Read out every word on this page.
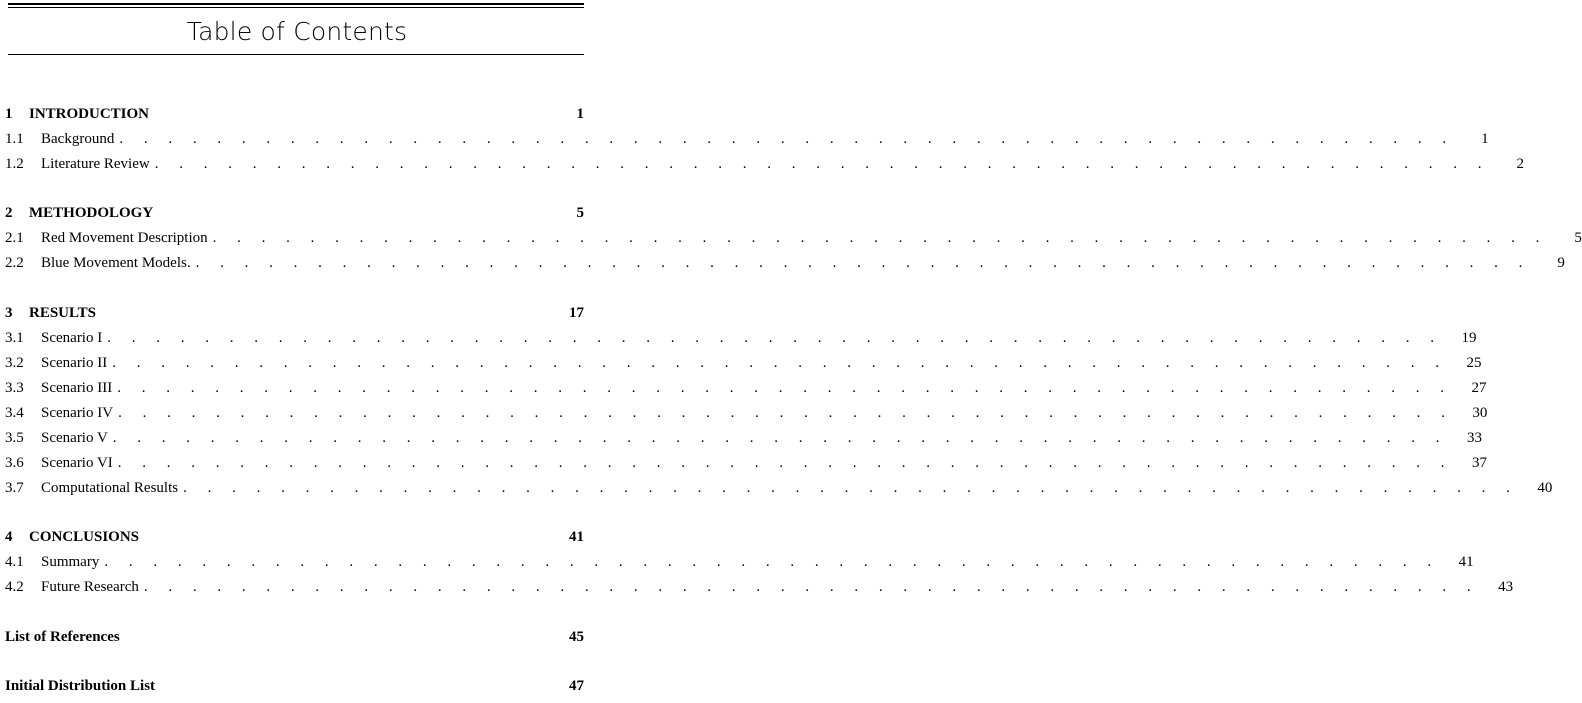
Table of Contents
1	INTRODUCTION	1
1.1	Background . . . . . . . . . . . . . . . . . . . . . . . . . . . . . . . . . . . . . . . . . . . . . . . . . . . . . . .	1
1.2	Literature Review . . . . . . . . . . . . . . . . . . . . . . . . . . . . . . . . . . . . . . . . . . . . . . . . . . . . . . .	2
2	METHODOLOGY	5
2.1	Red Movement Description . . . . . . . . . . . . . . . . . . . . . . . . . . . . . . . . . . . . . . . . . . . . . . . . . . . . . . .	5
2.2	Blue Movement Models. . . . . . . . . . . . . . . . . . . . . . . . . . . . . . . . . . . . . . . . . . . . . . . . . . . . . . . .	9
3	RESULTS	17
3.1	Scenario I . . . . . . . . . . . . . . . . . . . . . . . . . . . . . . . . . . . . . . . . . . . . . . . . . . . . . . .	19
3.2	Scenario II . . . . . . . . . . . . . . . . . . . . . . . . . . . . . . . . . . . . . . . . . . . . . . . . . . . . . . .	25
3.3	Scenario III . . . . . . . . . . . . . . . . . . . . . . . . . . . . . . . . . . . . . . . . . . . . . . . . . . . . . . .	27
3.4	Scenario IV . . . . . . . . . . . . . . . . . . . . . . . . . . . . . . . . . . . . . . . . . . . . . . . . . . . . . . .	30
3.5	Scenario V . . . . . . . . . . . . . . . . . . . . . . . . . . . . . . . . . . . . . . . . . . . . . . . . . . . . . . .	33
3.6	Scenario VI . . . . . . . . . . . . . . . . . . . . . . . . . . . . . . . . . . . . . . . . . . . . . . . . . . . . . . .	37
3.7	Computational Results . . . . . . . . . . . . . . . . . . . . . . . . . . . . . . . . . . . . . . . . . . . . . . . . . . . . . . .	40
4	CONCLUSIONS	41
4.1	Summary . . . . . . . . . . . . . . . . . . . . . . . . . . . . . . . . . . . . . . . . . . . . . . . . . . . . . . .	41
4.2	Future Research . . . . . . . . . . . . . . . . . . . . . . . . . . . . . . . . . . . . . . . . . . . . . . . . . . . . . . .	43
List of References	45
Initial Distribution List	47
